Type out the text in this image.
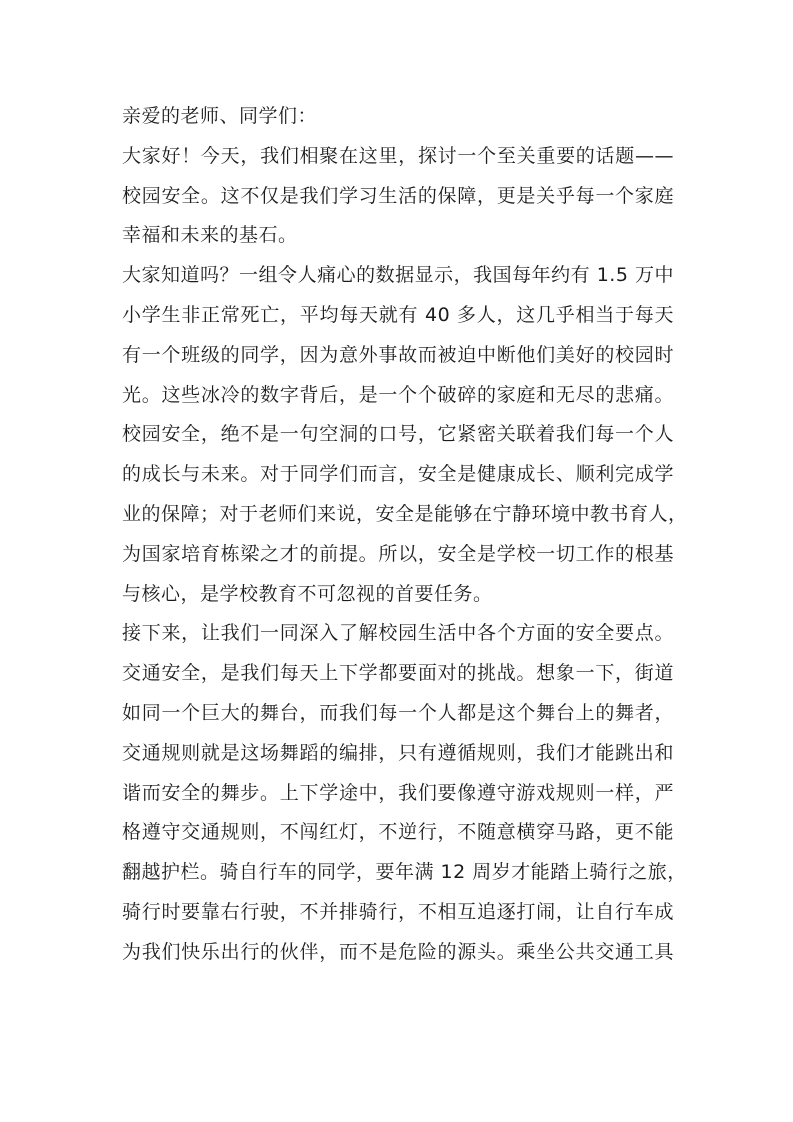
亲爱的老师、同学们：
大家好！今天，我们相聚在这里，探讨一个至关重要的话题——
校园安全。这不仅是我们学习生活的保障，更是关乎每一个家庭
幸福和未来的基石。
大家知道吗？一组令人痛心的数据显示，我国每年约有 1.5 万中
小学生非正常死亡，平均每天就有 40 多人，这几乎相当于每天
有一个班级的同学，因为意外事故而被迫中断他们美好的校园时
光。这些冰冷的数字背后，是一个个破碎的家庭和无尽的悲痛。
校园安全，绝不是一句空洞的口号，它紧密关联着我们每一个人
的成长与未来。对于同学们而言，安全是健康成长、顺利完成学
业的保障；对于老师们来说，安全是能够在宁静环境中教书育人，
为国家培育栋梁之才的前提。所以，安全是学校一切工作的根基
与核心，是学校教育不可忽视的首要任务。
接下来，让我们一同深入了解校园生活中各个方面的安全要点。
交通安全，是我们每天上下学都要面对的挑战。想象一下，街道
如同一个巨大的舞台，而我们每一个人都是这个舞台上的舞者，
交通规则就是这场舞蹈的编排，只有遵循规则，我们才能跳出和
谐而安全的舞步。上下学途中，我们要像遵守游戏规则一样，严
格遵守交通规则，不闯红灯，不逆行，不随意横穿马路，更不能
翻越护栏。骑自行车的同学，要年满 12 周岁才能踏上骑行之旅，
骑行时要靠右行驶，不并排骑行，不相互追逐打闹，让自行车成
为我们快乐出行的伙伴，而不是危险的源头。乘坐公共交通工具
